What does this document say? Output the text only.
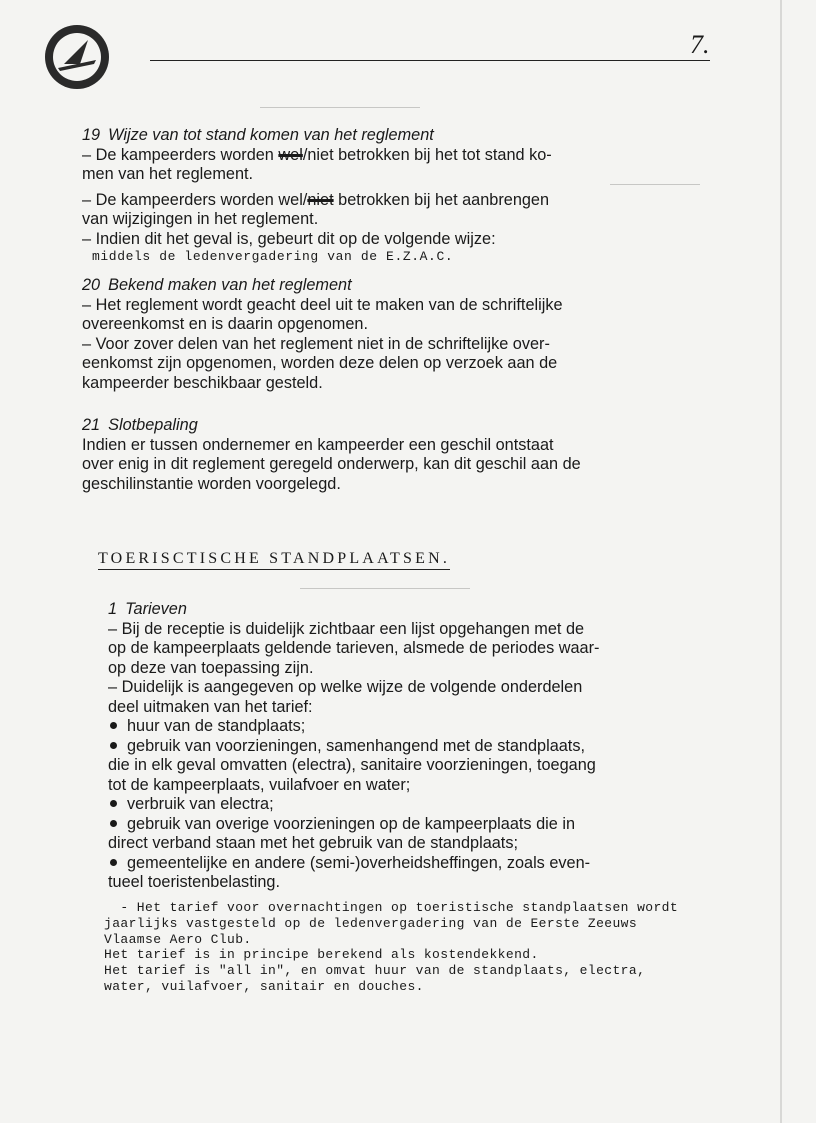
7.

19 Wijze van tot stand komen van het reglement

– De kampeerders worden wel/niet betrokken bij het tot stand ko-

men van het reglement.

– De kampeerders worden wel/niet betrokken bij het aanbrengen

van wijzigingen in het reglement.

– Indien dit het geval is, gebeurt dit op de volgende wijze:

middels de ledenvergadering van de E.Z.A.C.

20 Bekend maken van het reglement

– Het reglement wordt geacht deel uit te maken van de schriftelijke

overeenkomst en is daarin opgenomen.

– Voor zover delen van het reglement niet in de schriftelijke over-

eenkomst zijn opgenomen, worden deze delen op verzoek aan de

kampeerder beschikbaar gesteld.

21 Slotbepaling

Indien er tussen ondernemer en kampeerder een geschil ontstaat

over enig in dit reglement geregeld onderwerp, kan dit geschil aan de

geschilinstantie worden voorgelegd.

TOERISCTISCHE STANDPLAATSEN.

1 Tarieven

– Bij de receptie is duidelijk zichtbaar een lijst opgehangen met de

op de kampeerplaats geldende tarieven, alsmede de periodes waar-

op deze van toepassing zijn.

– Duidelijk is aangegeven op welke wijze de volgende onderdelen

deel uitmaken van het tarief:

huur van de standplaats;

gebruik van voorzieningen, samenhangend met de standplaats,

die in elk geval omvatten (electra), sanitaire voorzieningen, toegang

tot de kampeerplaats, vuilafvoer en water;

verbruik van electra;

gebruik van overige voorzieningen op de kampeerplaats die in

direct verband staan met het gebruik van de standplaats;

gemeentelijke en andere (semi-)overheidsheffingen, zoals even-

tueel toeristenbelasting.

- Het tarief voor overnachtingen op toeristische standplaatsen wordt

jaarlijks vastgesteld op de ledenvergadering van de Eerste Zeeuws

Vlaamse Aero Club.

Het tarief is in principe berekend als kostendekkend.

Het tarief is "all in", en omvat huur van de standplaats, electra,

water, vuilafvoer, sanitair en douches.
